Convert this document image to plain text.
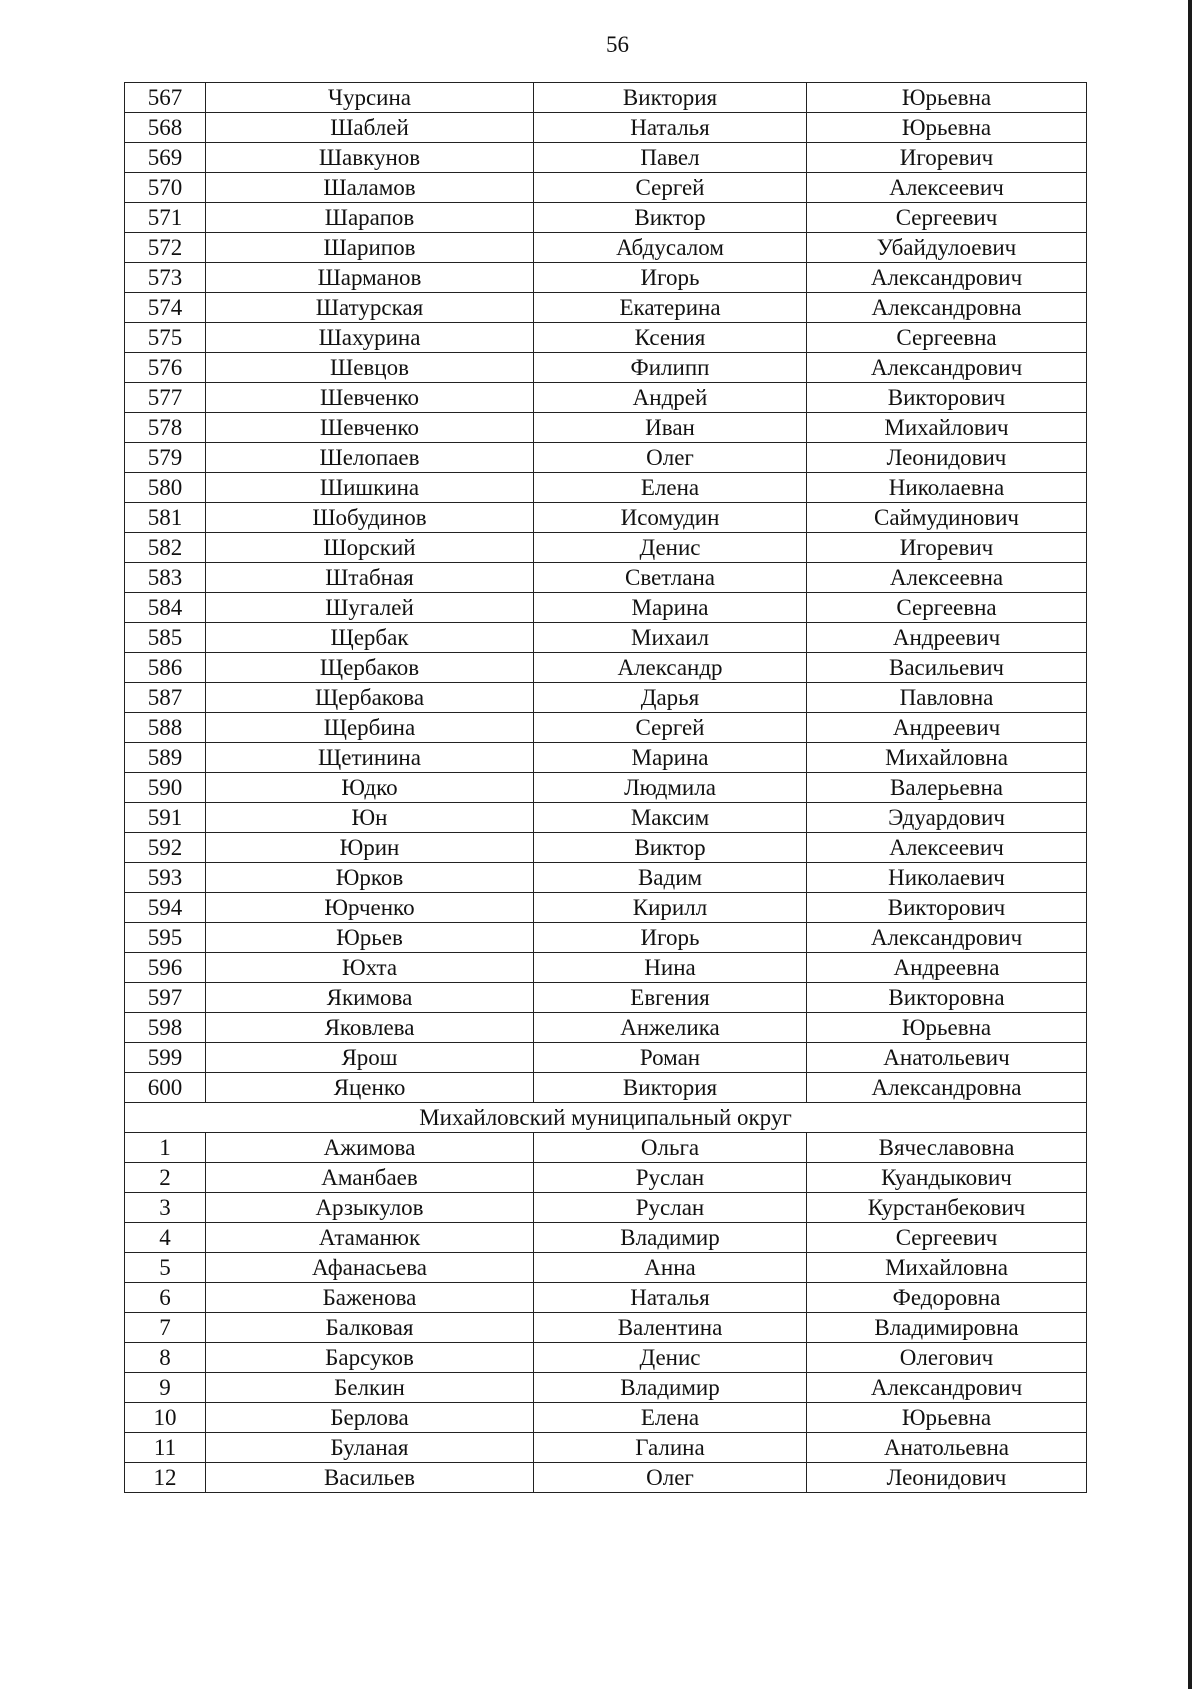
56
567	Чурсина	Виктория	Юрьевна
568	Шаблей	Наталья	Юрьевна
569	Шавкунов	Павел	Игоревич
570	Шаламов	Сергей	Алексеевич
571	Шарапов	Виктор	Сергеевич
572	Шарипов	Абдусалом	Убайдулоевич
573	Шарманов	Игорь	Александрович
574	Шатурская	Екатерина	Александровна
575	Шахурина	Ксения	Сергеевна
576	Шевцов	Филипп	Александрович
577	Шевченко	Андрей	Викторович
578	Шевченко	Иван	Михайлович
579	Шелопаев	Олег	Леонидович
580	Шишкина	Елена	Николаевна
581	Шобудинов	Исомудин	Саймудинович
582	Шорский	Денис	Игоревич
583	Штабная	Светлана	Алексеевна
584	Шугалей	Марина	Сергеевна
585	Щербак	Михаил	Андреевич
586	Щербаков	Александр	Васильевич
587	Щербакова	Дарья	Павловна
588	Щербина	Сергей	Андреевич
589	Щетинина	Марина	Михайловна
590	Юдко	Людмила	Валерьевна
591	Юн	Максим	Эдуардович
592	Юрин	Виктор	Алексеевич
593	Юрков	Вадим	Николаевич
594	Юрченко	Кирилл	Викторович
595	Юрьев	Игорь	Александрович
596	Юхта	Нина	Андреевна
597	Якимова	Евгения	Викторовна
598	Яковлева	Анжелика	Юрьевна
599	Ярош	Роман	Анатольевич
600	Яценко	Виктория	Александровна
Михайловский муниципальный округ			
1	Ажимова	Ольга	Вячеславовна
2	Аманбаев	Руслан	Куандыкович
3	Арзыкулов	Руслан	Курстанбекович
4	Атаманюк	Владимир	Сергеевич
5	Афанасьева	Анна	Михайловна
6	Баженова	Наталья	Федоровна
7	Балковая	Валентина	Владимировна
8	Барсуков	Денис	Олегович
9	Белкин	Владимир	Александрович
10	Берлова	Елена	Юрьевна
11	Буланая	Галина	Анатольевна
12	Васильев	Олег	Леонидович
